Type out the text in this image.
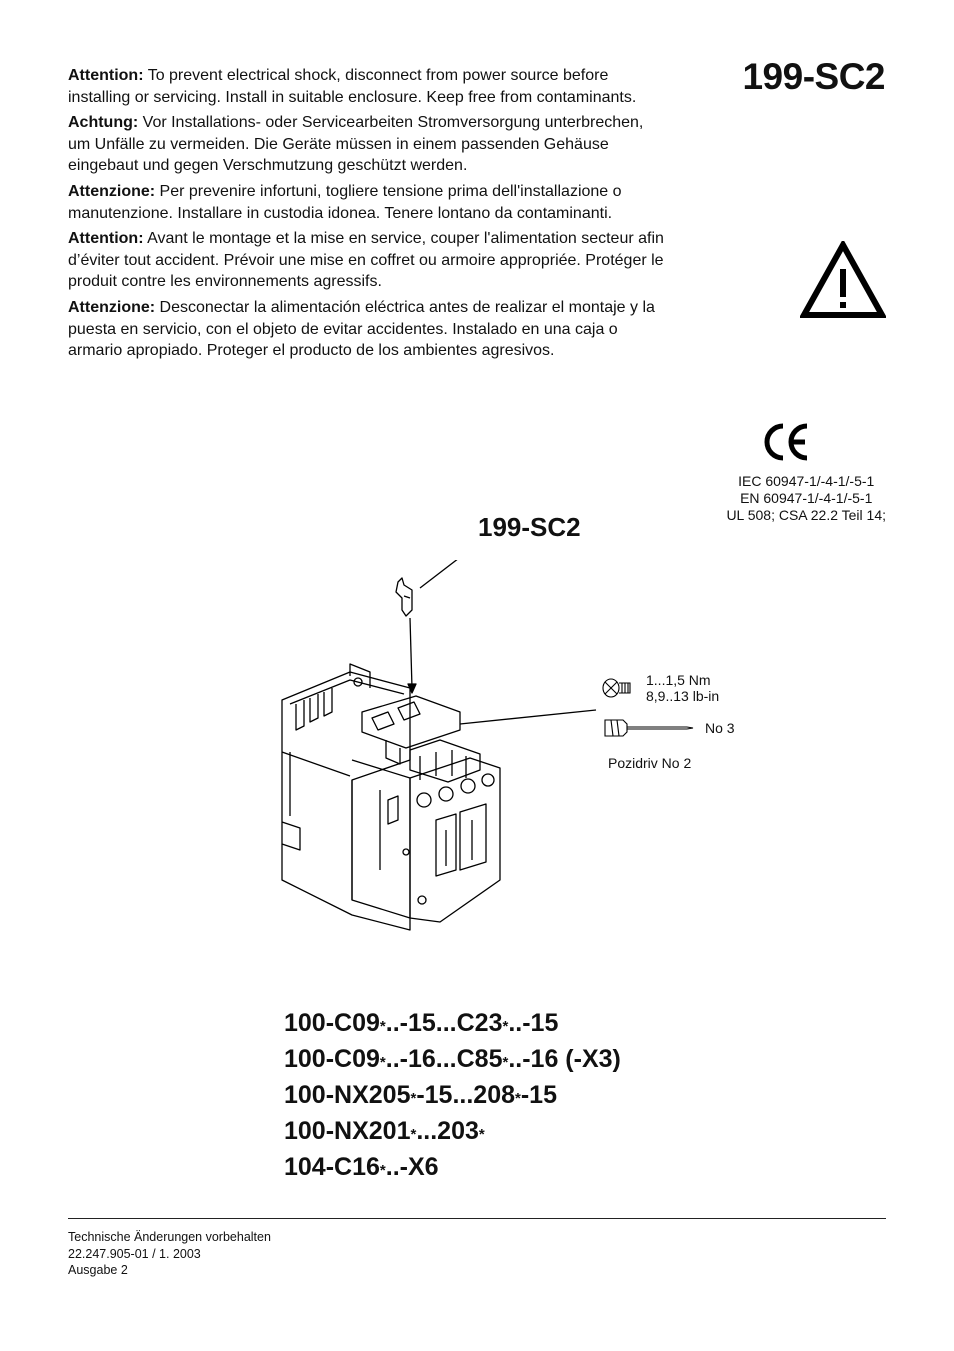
Attention: To prevent electrical shock, disconnect from power source before installing or servicing. Install in suitable enclosure. Keep free from contaminants.

Achtung: Vor Installations- oder Servicearbeiten Stromversorgung unterbrechen, um Unfälle zu vermeiden. Die Geräte müssen in einem passenden Gehäuse eingebaut und gegen Verschmutzung geschützt werden.

Attenzione: Per prevenire infortuni, togliere tensione prima dell'installazione o manutenzione. Installare in custodia idonea. Tenere lontano da contaminanti.

Attention: Avant le montage et la mise en service, couper l'alimentation secteur afin d’éviter tout accident. Prévoir une mise en coffret ou armoire appropriée. Protéger le produit contre les environnements agressifs.

Attenzione: Desconectar la alimentación eléctrica antes de realizar el montaje y la puesta en servicio, con el objeto de evitar accidentes. Instalado en una caja o armario apropiado. Proteger el producto de los ambientes agresivos.

199-SC2
IEC 60947-1/-4-1/-5-1
EN 60947-1/-4-1/-5-1
UL 508; CSA 22.2 Teil 14;
199-SC2
1...1,5 Nm
8,9..13 lb-in
No 3
Pozidriv No 2
100-C09*..-15...C23*..-15
100-C09*..-16...C85*..-16 (-X3)
100-NX205*-15...208*-15
100-NX201*...203*
104-C16*..-X6
Technische Änderungen vorbehalten
22.247.905-01 / 1. 2003
Ausgabe 2
